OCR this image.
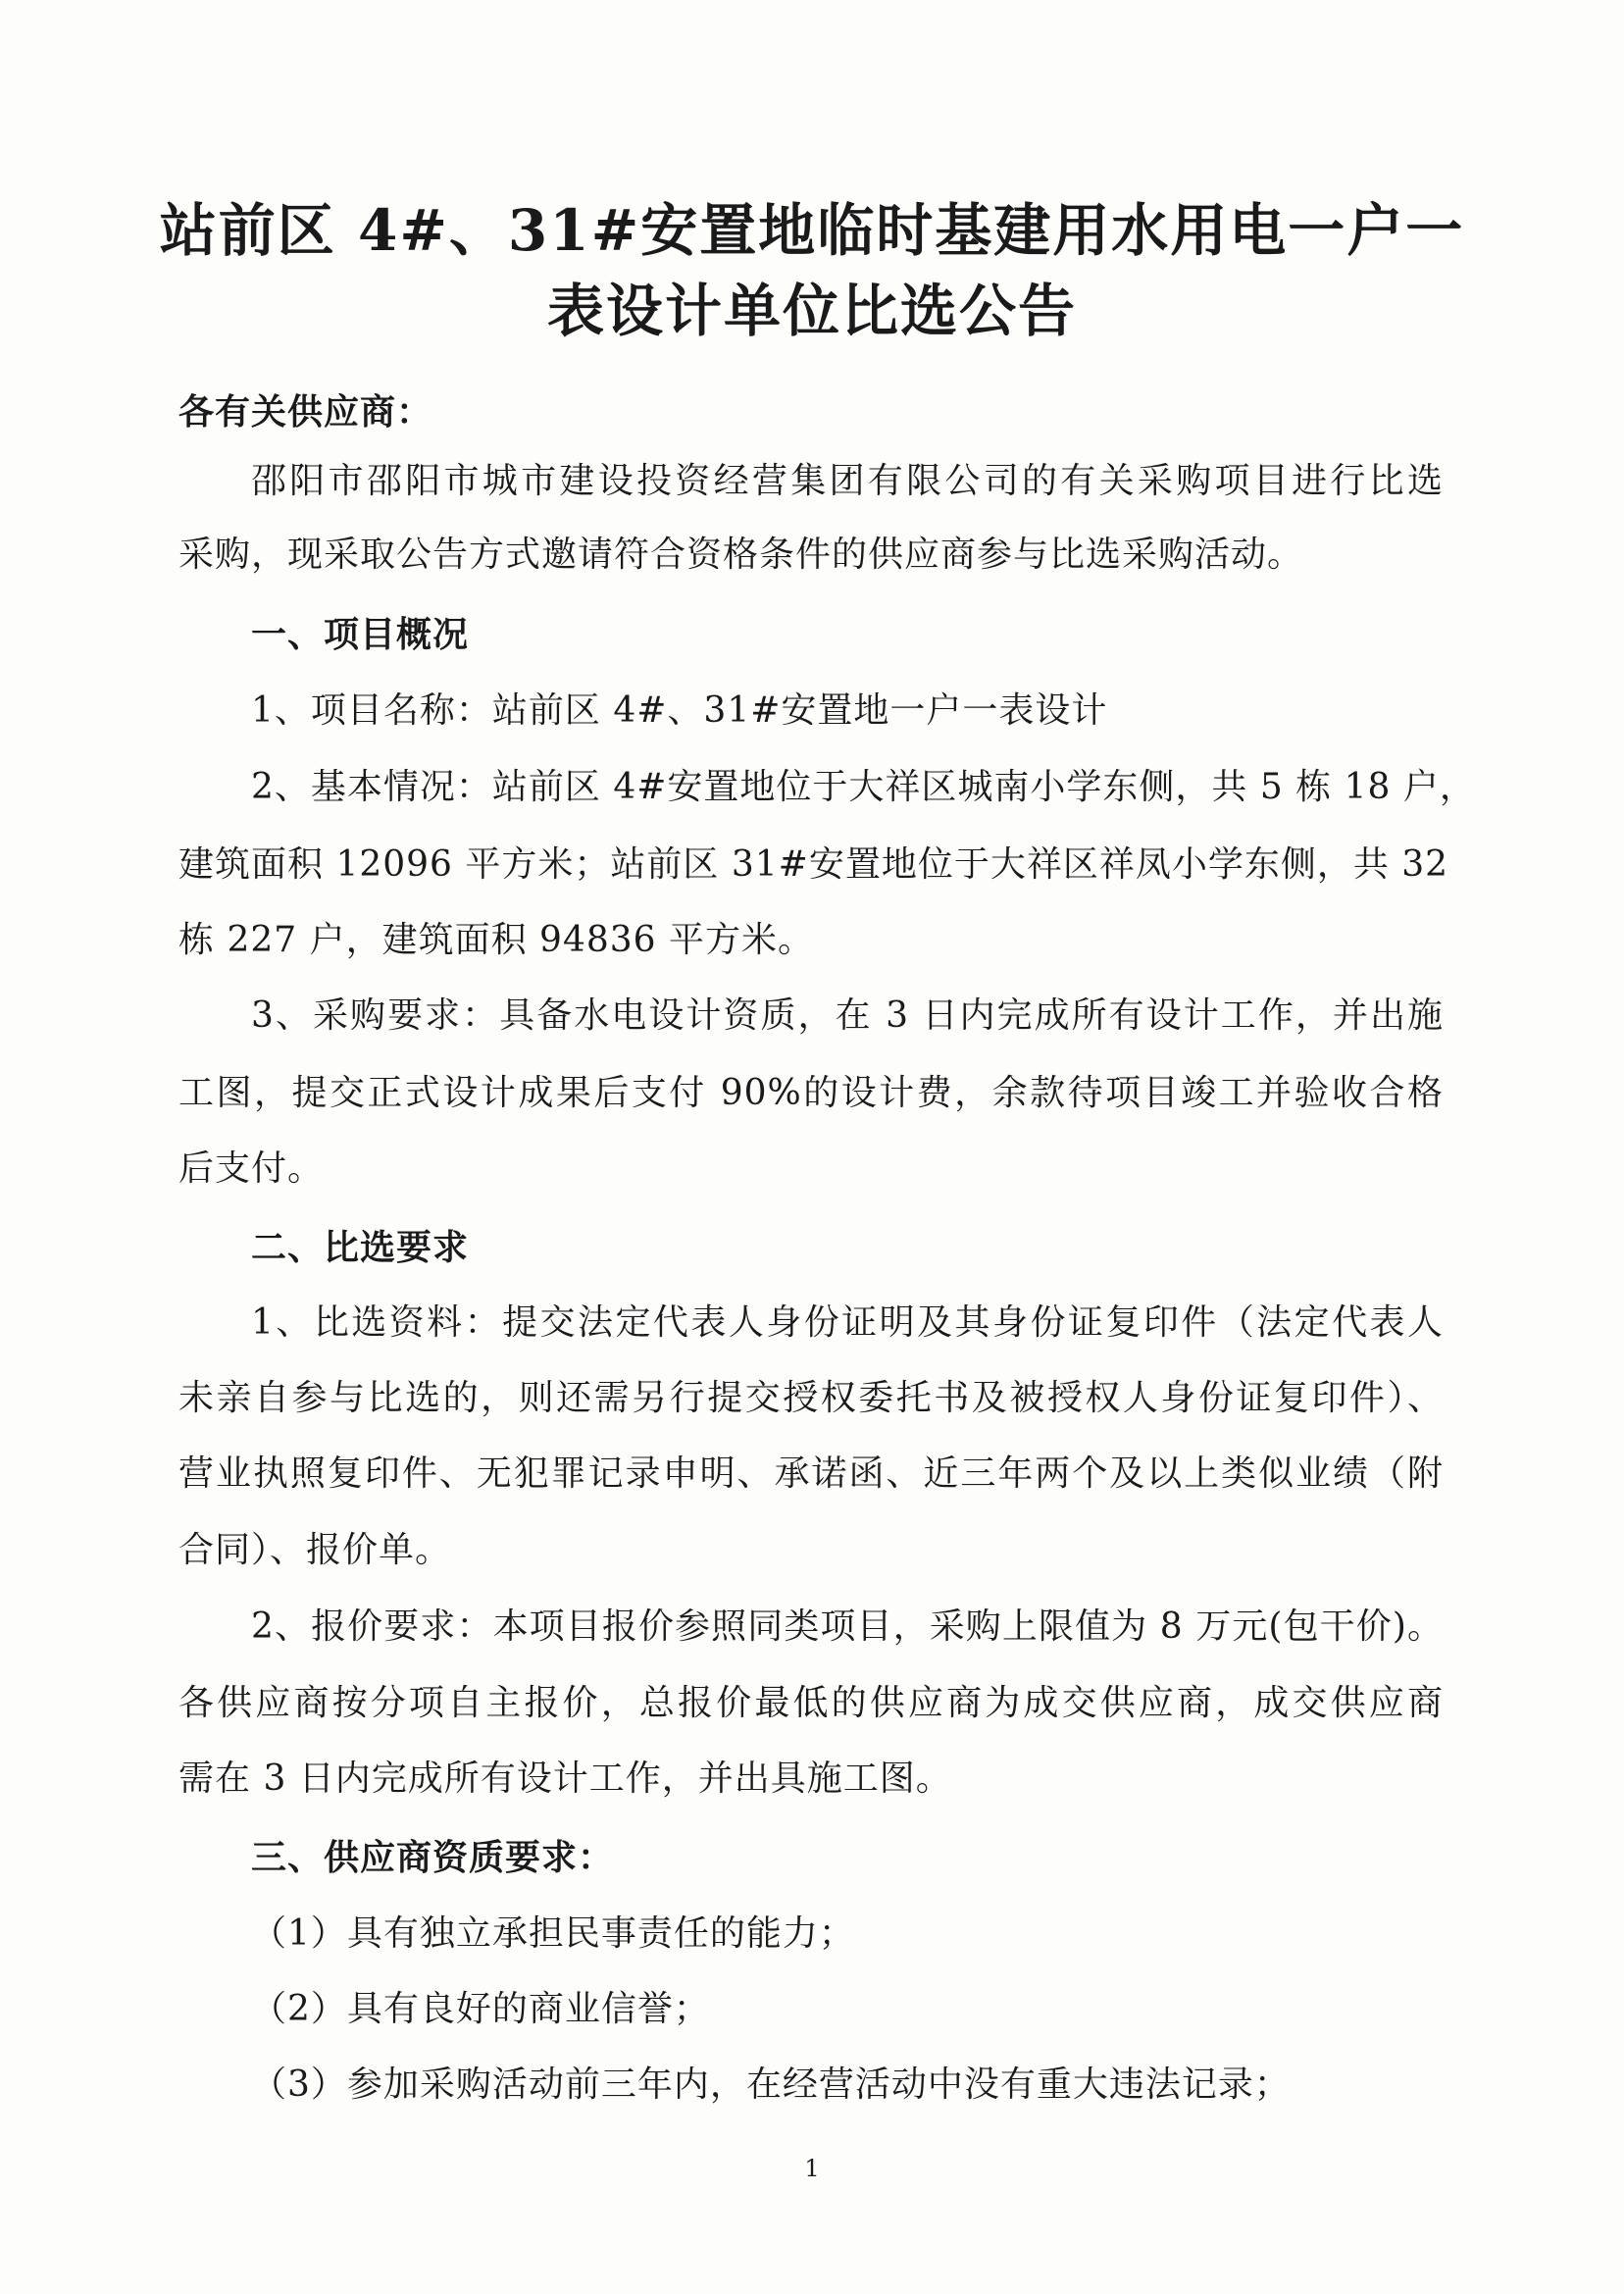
站前区 4#、31#安置地临时基建用水用电一户一
表设计单位比选公告
各有关供应商：
邵阳市邵阳市城市建设投资经营集团有限公司的有关采购项目进行比选
采购，现采取公告方式邀请符合资格条件的供应商参与比选采购活动。
一、项目概况
1、项目名称：站前区 4#、31#安置地一户一表设计
2、基本情况：站前区 4#安置地位于大祥区城南小学东侧，共 5 栋 18 户，
建筑面积 12096 平方米；站前区 31#安置地位于大祥区祥凤小学东侧，共 32
栋 227 户，建筑面积 94836 平方米。
3、采购要求：具备水电设计资质，在 3 日内完成所有设计工作，并出施
工图，提交正式设计成果后支付 90%的设计费，余款待项目竣工并验收合格
后支付。
二、比选要求
1、比选资料：提交法定代表人身份证明及其身份证复印件（法定代表人
未亲自参与比选的，则还需另行提交授权委托书及被授权人身份证复印件）、
营业执照复印件、无犯罪记录申明、承诺函、近三年两个及以上类似业绩（附
合同）、报价单。
2、报价要求：本项目报价参照同类项目，采购上限值为 8 万元(包干价)。
各供应商按分项自主报价，总报价最低的供应商为成交供应商，成交供应商
需在 3 日内完成所有设计工作，并出具施工图。
三、供应商资质要求：
（1）具有独立承担民事责任的能力；
（2）具有良好的商业信誉；
（3）参加采购活动前三年内，在经营活动中没有重大违法记录；
1
